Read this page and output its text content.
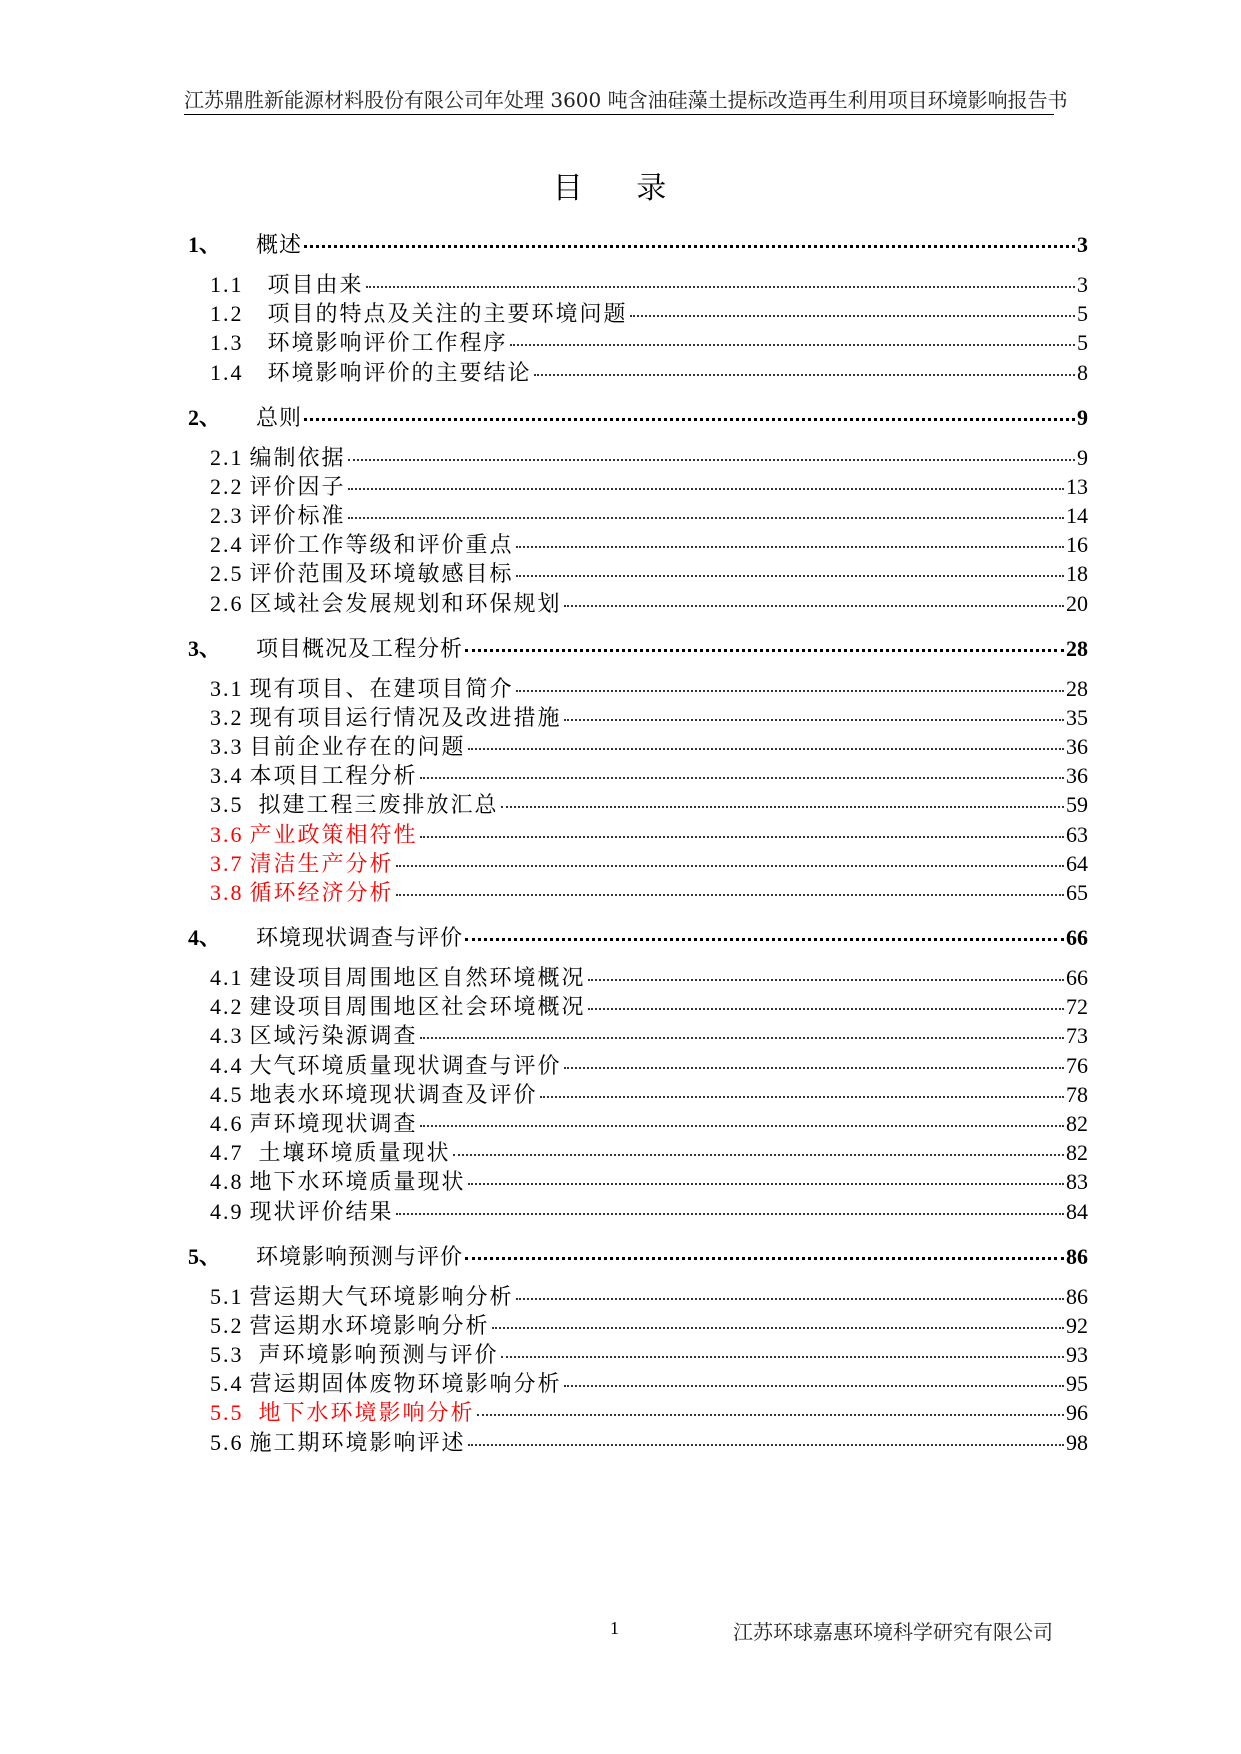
江苏鼎胜新能源材料股份有限公司年处理 3600 吨含油硅藻土提标改造再生利用项目环境影响报告书
目 录
1、	概述	3
1.1 项目由来	3
1.2 项目的特点及关注的主要环境问题	5
1.3 环境影响评价工作程序	5
1.4 环境影响评价的主要结论	8
2、	总则	9
2.1 编制依据	9
2.2 评价因子	13
2.3 评价标准	14
2.4 评价工作等级和评价重点	16
2.5 评价范围及环境敏感目标	18
2.6 区域社会发展规划和环保规划	20
3、	项目概况及工程分析	28
3.1 现有项目、在建项目简介	28
3.2 现有项目运行情况及改进措施	35
3.3 目前企业存在的问题	36
3.4 本项目工程分析	36
3.5 拟建工程三废排放汇总	59
3.6 产业政策相符性	63
3.7 清洁生产分析	64
3.8 循环经济分析	65
4、	环境现状调查与评价	66
4.1 建设项目周围地区自然环境概况	66
4.2 建设项目周围地区社会环境概况	72
4.3 区域污染源调查	73
4.4 大气环境质量现状调查与评价	76
4.5 地表水环境现状调查及评价	78
4.6 声环境现状调查	82
4.7 土壤环境质量现状	82
4.8 地下水环境质量现状	83
4.9 现状评价结果	84
5、	环境影响预测与评价	86
5.1 营运期大气环境影响分析	86
5.2 营运期水环境影响分析	92
5.3 声环境影响预测与评价	93
5.4 营运期固体废物环境影响分析	95
5.5 地下水环境影响分析	96
5.6 施工期环境影响评述	98
1	江苏环球嘉惠环境科学研究有限公司
